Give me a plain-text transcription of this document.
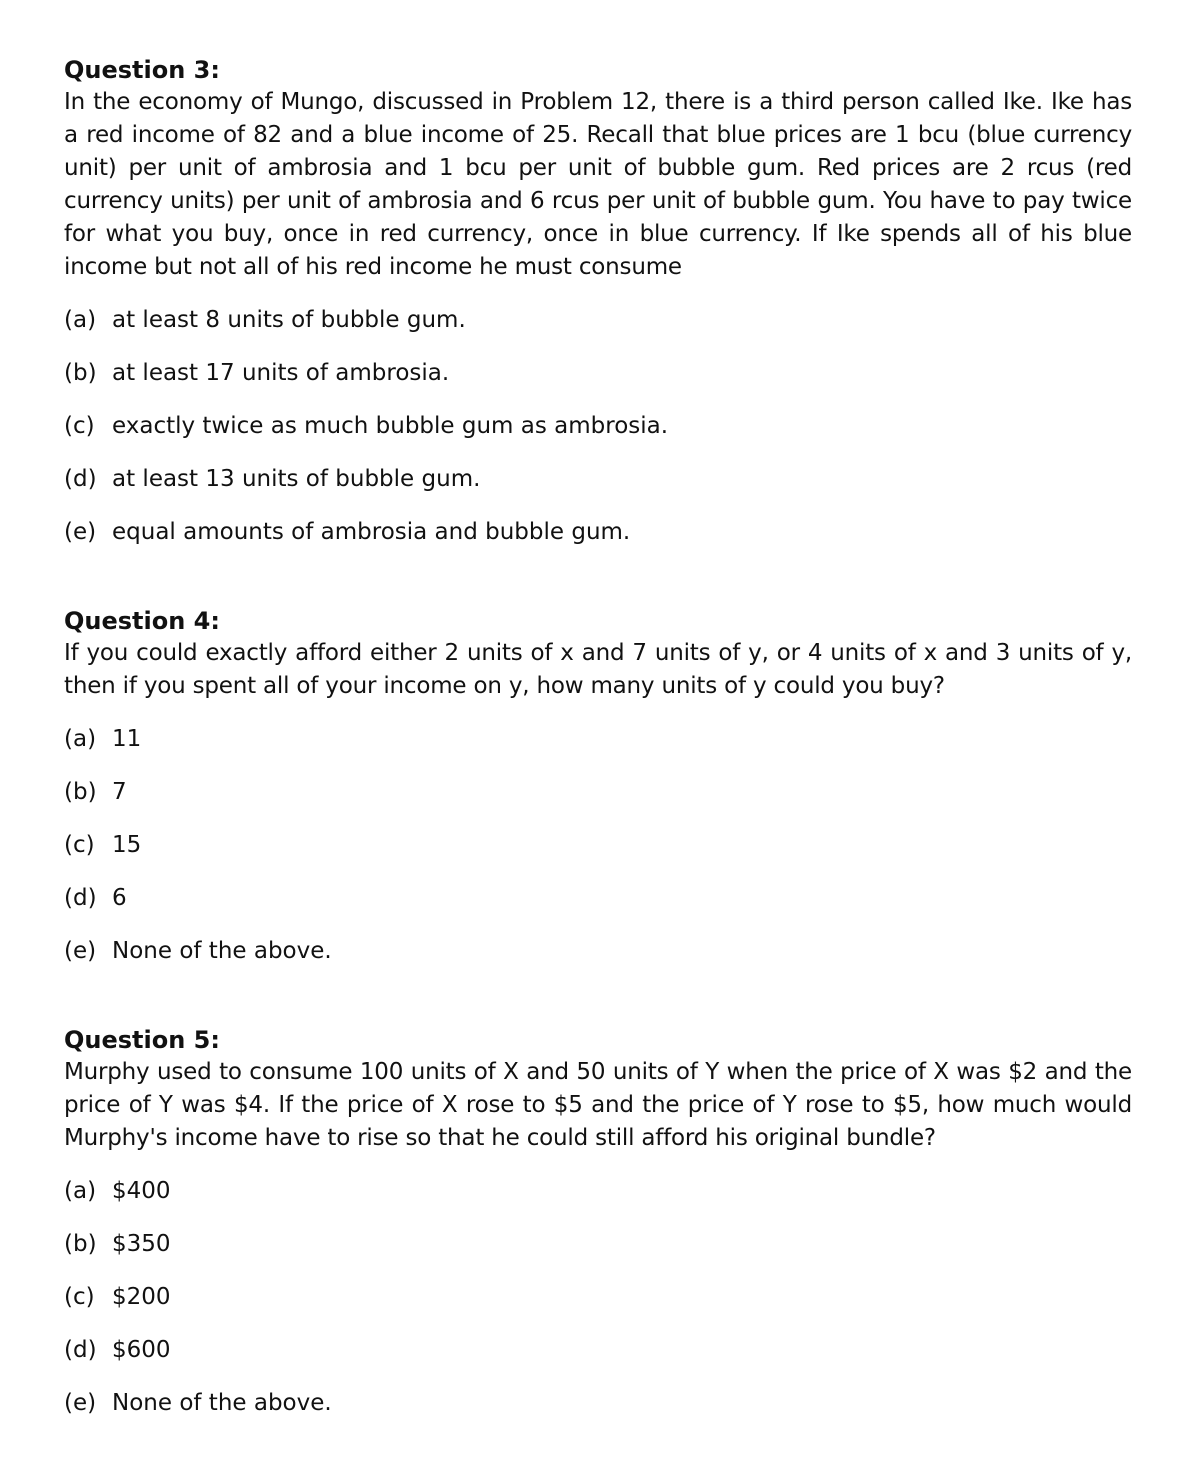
Question 3:

In the economy of Mungo, discussed in Problem 12, there is a third person called Ike. Ike has a red income of 82 and a blue income of 25. Recall that blue prices are 1 bcu (blue currency unit) per unit of ambrosia and 1 bcu per unit of bubble gum. Red prices are 2 rcus (red currency units) per unit of ambrosia and 6 rcus per unit of bubble gum. You have to pay twice for what you buy, once in red currency, once in blue currency. If Ike spends all of his blue income but not all of his red income he must consume

(a) at least 8 units of bubble gum.
(b) at least 17 units of ambrosia.
(c) exactly twice as much bubble gum as ambrosia.
(d) at least 13 units of bubble gum.
(e) equal amounts of ambrosia and bubble gum.
Question 4:

If you could exactly afford either 2 units of x and 7 units of y, or 4 units of x and 3 units of y, then if you spent all of your income on y, how many units of y could you buy?

(a) 11
(b) 7
(c) 15
(d) 6
(e) None of the above.
Question 5:

Murphy used to consume 100 units of X and 50 units of Y when the price of X was $2 and the price of Y was $4. If the price of X rose to $5 and the price of Y rose to $5, how much would Murphy's income have to rise so that he could still afford his original bundle?

(a) $400
(b) $350
(c) $200
(d) $600
(e) None of the above.
